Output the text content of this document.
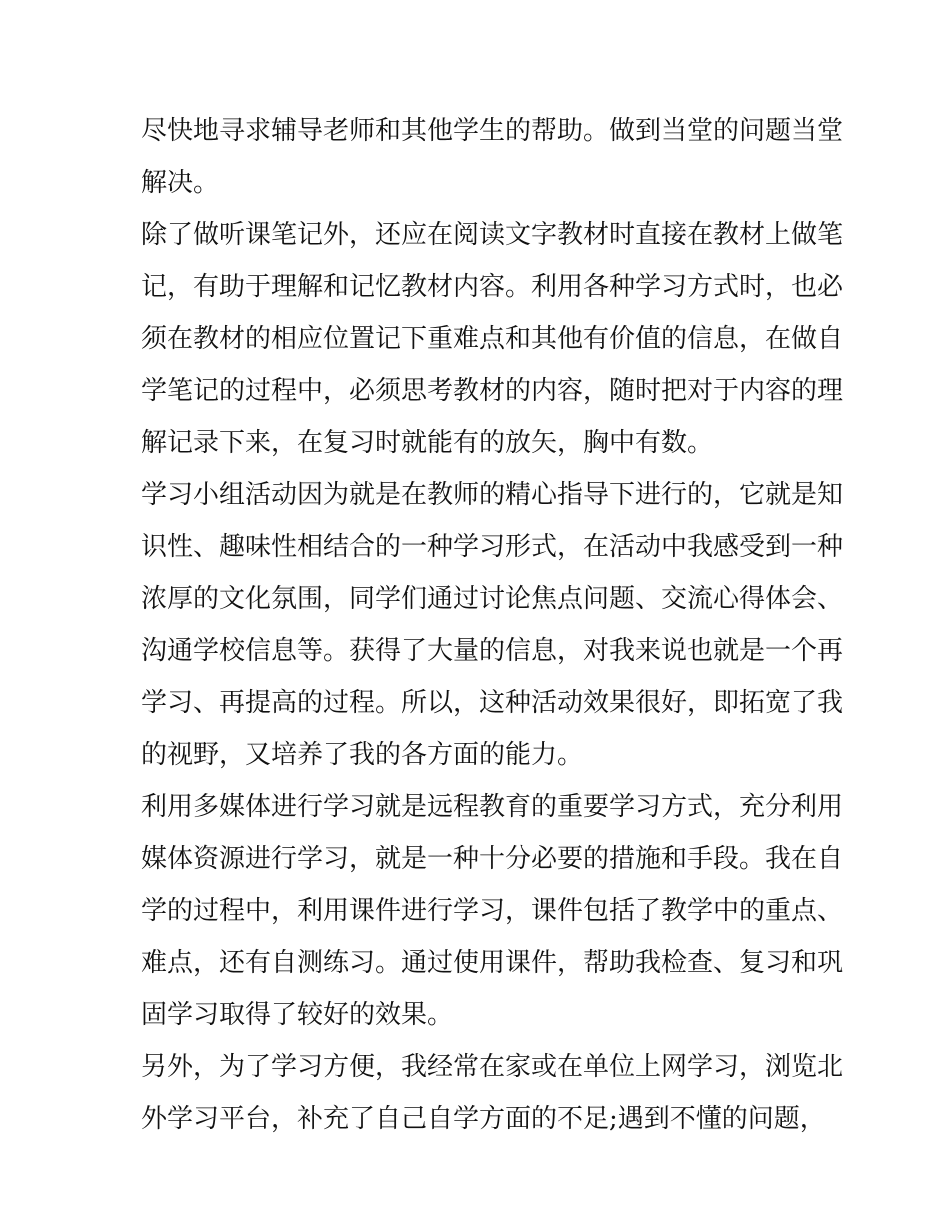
尽快地寻求辅导老师和其他学生的帮助。做到当堂的问题当堂
解决。
除了做听课笔记外，还应在阅读文字教材时直接在教材上做笔
记，有助于理解和记忆教材内容。利用各种学习方式时，也必
须在教材的相应位置记下重难点和其他有价值的信息，在做自
学笔记的过程中，必须思考教材的内容，随时把对于内容的理
解记录下来，在复习时就能有的放矢，胸中有数。
学习小组活动因为就是在教师的精心指导下进行的，它就是知
识性、趣味性相结合的一种学习形式，在活动中我感受到一种
浓厚的文化氛围，同学们通过讨论焦点问题、交流心得体会、
沟通学校信息等。获得了大量的信息，对我来说也就是一个再
学习、再提高的过程。所以，这种活动效果很好，即拓宽了我
的视野，又培养了我的各方面的能力。
利用多媒体进行学习就是远程教育的重要学习方式，充分利用
媒体资源进行学习，就是一种十分必要的措施和手段。我在自
学的过程中，利用课件进行学习，课件包括了教学中的重点、
难点，还有自测练习。通过使用课件，帮助我检查、复习和巩
固学习取得了较好的效果。
另外，为了学习方便，我经常在家或在单位上网学习，浏览北
外学习平台，补充了自己自学方面的不足;遇到不懂的问题，
